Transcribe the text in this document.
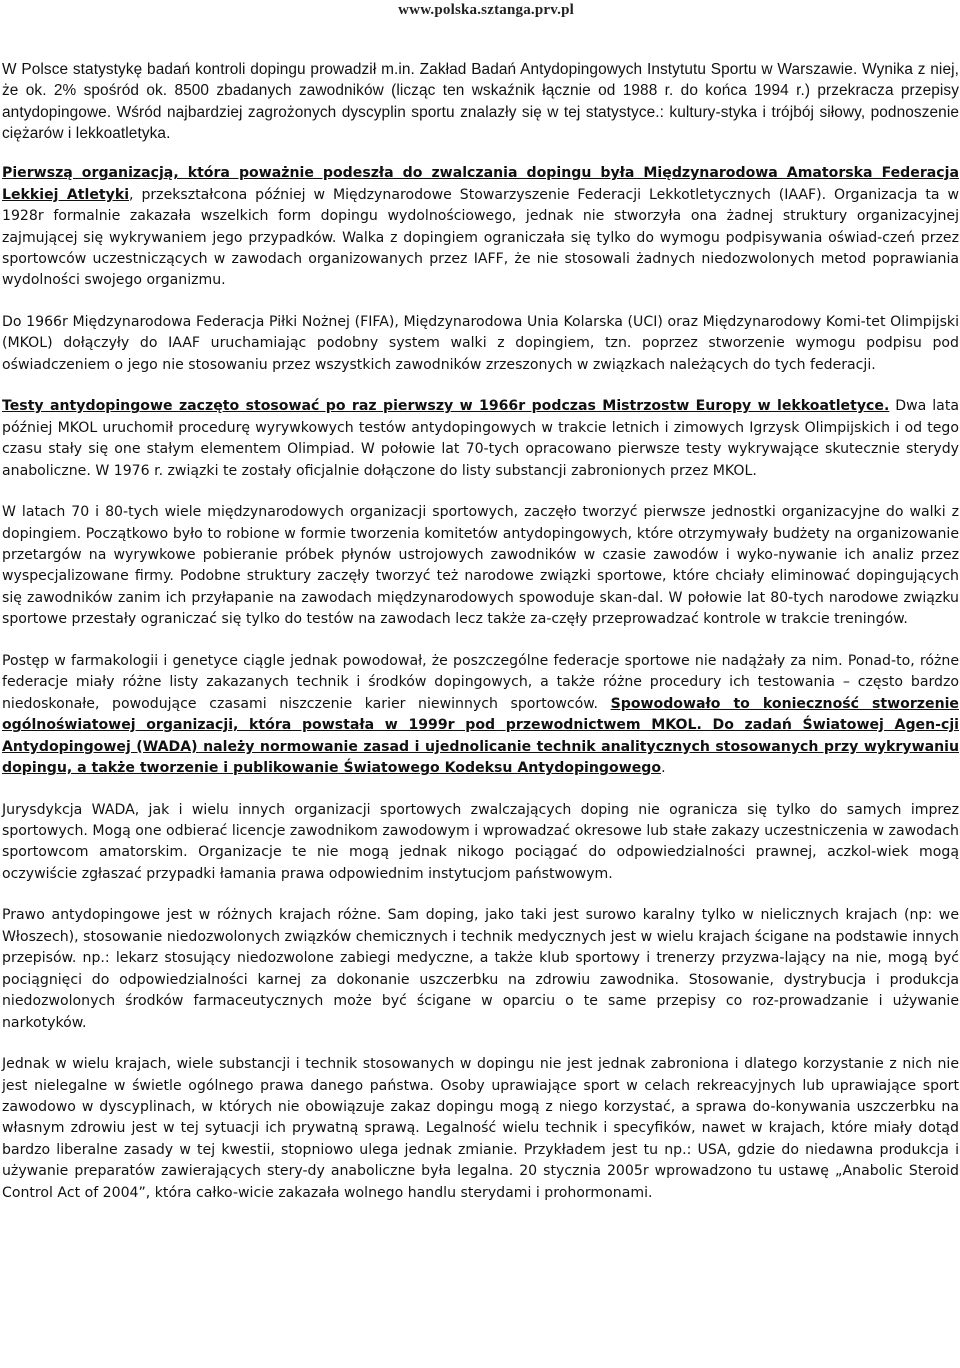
www.polska.sztanga.prv.pl

W Polsce statystykę badań kontroli dopingu prowadził m.in. Zakład Badań Antydopingowych Instytutu Sportu w Warszawie. Wynika z niej, że ok. 2% spośród ok. 8500 zbadanych zawodników (licząc ten wskaźnik łącznie od 1988 r. do końca 1994 r.) przekracza przepisy antydopingowe. Wśród najbardziej zagrożonych dyscyplin sportu znalazły się w tej statystyce.: kultury-styka i trójbój siłowy, podnoszenie ciężarów i lekkoatletyka.

Pierwszą organizacją, która poważnie podeszła do zwalczania dopingu była Międzynarodowa Amatorska Federacja Lekkiej Atletyki, przekształcona później w Międzynarodowe Stowarzyszenie Federacji Lekkotletycznych (IAAF). Organizacja ta w 1928r formalnie zakazała wszelkich form dopingu wydolnościowego, jednak nie stworzyła ona żadnej struktury organizacyjnej zajmującej się wykrywaniem jego przypadków. Walka z dopingiem ograniczała się tylko do wymogu podpisywania oświad-czeń przez sportowców uczestniczących w zawodach organizowanych przez IAFF, że nie stosowali żadnych niedozwolonych metod poprawiania wydolności swojego organizmu.

Do 1966r Międzynarodowa Federacja Piłki Nożnej (FIFA), Międzynarodowa Unia Kolarska (UCI) oraz Międzynarodowy Komi-tet Olimpijski (MKOL) dołączyły do IAAF uruchamiając podobny system walki z dopingiem, tzn. poprzez stworzenie wymogu podpisu pod oświadczeniem o jego nie stosowaniu przez wszystkich zawodników zrzeszonych w związkach należących do tych federacji.

Testy antydopingowe zaczęto stosować po raz pierwszy w 1966r podczas Mistrzostw Europy w lekkoatletyce. Dwa lata później MKOL uruchomił procedurę wyrywkowych testów antydopingowych w trakcie letnich i zimowych Igrzysk Olimpijskich i od tego czasu stały się one stałym elementem Olimpiad. W połowie lat 70-tych opracowano pierwsze testy wykrywające skutecznie sterydy anaboliczne. W 1976 r. związki te zostały oficjalnie dołączone do listy substancji zabronionych przez MKOL.

W latach 70 i 80-tych wiele międzynarodowych organizacji sportowych, zaczęło tworzyć pierwsze jednostki organizacyjne do walki z dopingiem. Początkowo było to robione w formie tworzenia komitetów antydopingowych, które otrzymywały budżety na organizowanie przetargów na wyrywkowe pobieranie próbek płynów ustrojowych zawodników w czasie zawodów i wyko-nywanie ich analiz przez wyspecjalizowane firmy. Podobne struktury zaczęły tworzyć też narodowe związki sportowe, które chciały eliminować dopingujących się zawodników zanim ich przyłapanie na zawodach międzynarodowych spowoduje skan-dal. W połowie lat 80-tych narodowe związku sportowe przestały ograniczać się tylko do testów na zawodach lecz także za-częły przeprowadzać kontrole w trakcie treningów.

Postęp w farmakologii i genetyce ciągle jednak powodował, że poszczególne federacje sportowe nie nadążały za nim. Ponad-to, różne federacje miały różne listy zakazanych technik i środków dopingowych, a także różne procedury ich testowania – często bardzo niedoskonałe, powodujące czasami niszczenie karier niewinnych sportowców. Spowodowało to konieczność stworzenie ogólnoświatowej organizacji, która powstała w 1999r pod przewodnictwem MKOL. Do zadań Światowej Agen-cji Antydopingowej (WADA) należy normowanie zasad i ujednolicanie technik analitycznych stosowanych przy wykrywaniu dopingu, a także tworzenie i publikowanie Światowego Kodeksu Antydopingowego.

Jurysdykcja WADA, jak i wielu innych organizacji sportowych zwalczających doping nie ogranicza się tylko do samych imprez sportowych. Mogą one odbierać licencje zawodnikom zawodowym i wprowadzać okresowe lub stałe zakazy uczestniczenia w zawodach sportowcom amatorskim. Organizacje te nie mogą jednak nikogo pociągać do odpowiedzialności prawnej, aczkol-wiek mogą oczywiście zgłaszać przypadki łamania prawa odpowiednim instytucjom państwowym.

Prawo antydopingowe jest w różnych krajach różne. Sam doping, jako taki jest surowo karalny tylko w nielicznych krajach (np: we Włoszech), stosowanie niedozwolonych związków chemicznych i technik medycznych jest w wielu krajach ścigane na podstawie innych przepisów. np.: lekarz stosujący niedozwolone zabiegi medyczne, a także klub sportowy i trenerzy przyzwa-lający na nie, mogą być pociągnięci do odpowiedzialności karnej za dokonanie uszczerbku na zdrowiu zawodnika. Stosowanie, dystrybucja i produkcja niedozwolonych środków farmaceutycznych może być ścigane w oparciu o te same przepisy co roz-prowadzanie i używanie narkotyków.

Jednak w wielu krajach, wiele substancji i technik stosowanych w dopingu nie jest jednak zabroniona i dlatego korzystanie z nich nie jest nielegalne w świetle ogólnego prawa danego państwa. Osoby uprawiające sport w celach rekreacyjnych lub uprawiające sport zawodowo w dyscyplinach, w których nie obowiązuje zakaz dopingu mogą z niego korzystać, a sprawa do-konywania uszczerbku na własnym zdrowiu jest w tej sytuacji ich prywatną sprawą. Legalność wielu technik i specyfików, nawet w krajach, które miały dotąd bardzo liberalne zasady w tej kwestii, stopniowo ulega jednak zmianie. Przykładem jest tu np.: USA, gdzie do niedawna produkcja i używanie preparatów zawierających stery-dy anaboliczne była legalna. 20 stycznia 2005r wprowadzono tu ustawę „Anabolic Steroid Control Act of 2004”, która całko-wicie zakazała wolnego handlu sterydami i prohormonami.
